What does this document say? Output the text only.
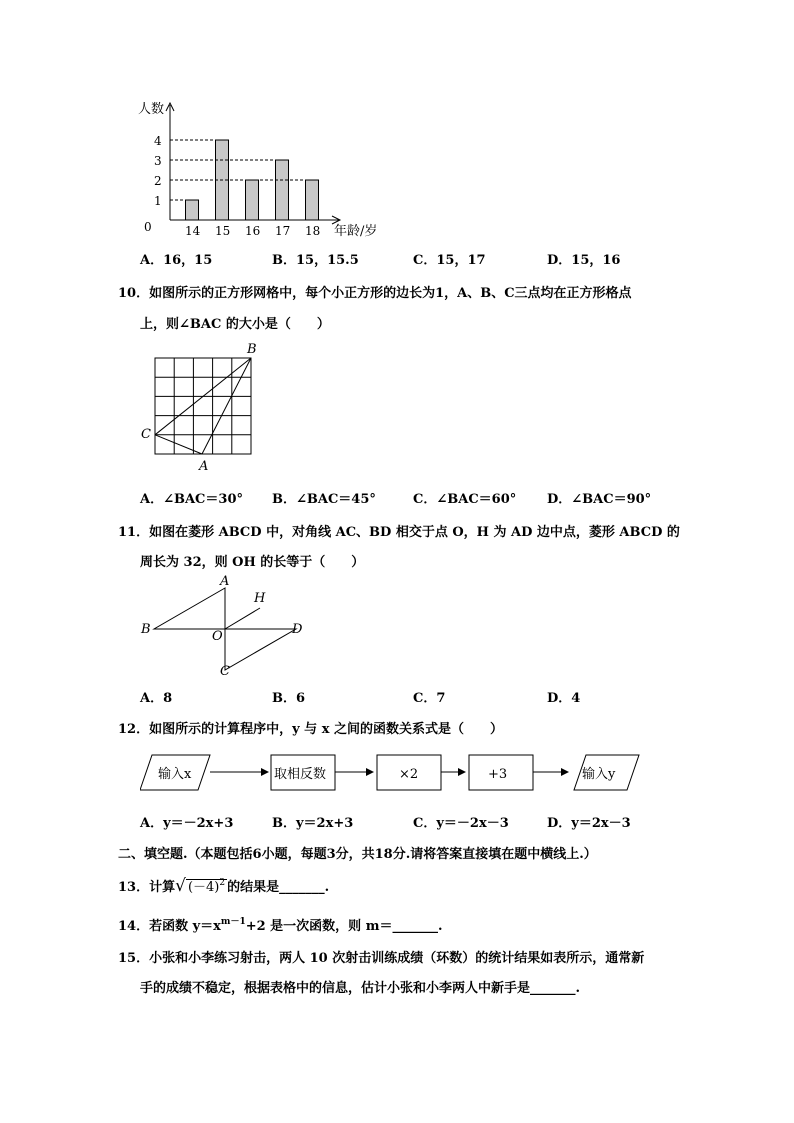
人数
年龄/岁
0
1
2
3
4
14 15 16 17 18
A．16，15	B．15，15.5	C．15，17	D．15，16
10．如图所示的正方形网格中，每个小正方形的边长为1，A、B、C三点均在正方形格点
上，则∠BAC 的大小是（　　）
B
C
A
A．∠BAC＝30° B．∠BAC＝45°	C．∠BAC＝60° D．∠BAC＝90°
11．如图在菱形 ABCD 中，对角线 AC、BD 相交于点 O，H 为 AD 边中点，菱形 ABCD 的
周长为 32，则 OH 的长等于（　　）
A
H
B	D
O
C
A．8	B．6	C．7	D．4
12．如图所示的计算程序中，y 与 x 之间的函数关系式是（　　）
输入x	取相反数	×2	+3	输入y
A．y＝－2x+3	B．y＝2x+3	C．y＝－2x－3	D．y＝2x－3
二、填空题.（本题包括6小题，每题3分，共18分.请将答案直接填在题中横线上.）
13．计算√ $(-4)^2$ 的结果是_______.
14．若函数 $y=x^{m-1}+2$ 是一次函数，则 m＝_______.
15．小张和小李练习射击，两人 10 次射击训练成绩（环数）的统计结果如表所示，通常新
手的成绩不稳定，根据表格中的信息，估计小张和小李两人中新手是_______.
